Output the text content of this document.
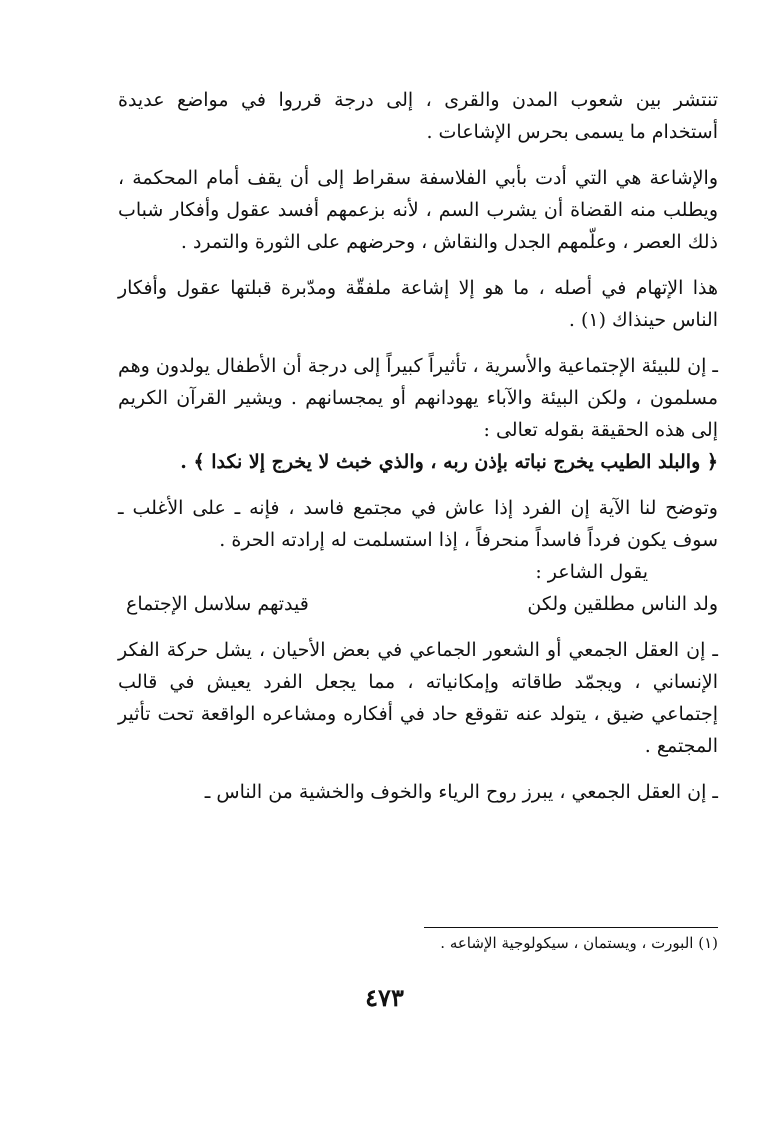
تنتشر بين شعوب المدن والقرى ، إلى درجة قرروا في مواضع عديدة أستخدام ما يسمى بحرس الإشاعات .

والإشاعة هي التي أدت بأبي الفلاسفة سقراط إلى أن يقف أمام المحكمة ، ويطلب منه القضاة أن يشرب السم ، لأنه بزعمهم أفسد عقول وأفكار شباب ذلك العصر ، وعلّمهم الجدل والنقاش ، وحرضهم على الثورة والتمرد .

هذا الإتهام في أصله ، ما هو إلا إشاعة ملفقّة ومدّبرة قبلتها عقول وأفكار الناس حينذاك (١) .

ـ إن للبيئة الإجتماعية والأسرية ، تأثيراً كبيراً إلى درجة أن الأطفال يولدون وهم مسلمون ، ولكن البيئة والآباء يهودانهم أو يمجسانهم . ويشير القرآن الكريم إلى هذه الحقيقة بقوله تعالى :

﴿ والبلد الطيب يخرج نباته بإذن ربه ، والذي خبث لا يخرج إلا نكدا ﴾ .

وتوضح لنا الآية إن الفرد إذا عاش في مجتمع فاسد ، فإنه ـ على الأغلب ـ سوف يكون فرداً فاسداً منحرفاً ، إذا استسلمت له إرادته الحرة .

يقول الشاعر :

ولد الناس مطلقين ولكن
قيدتهم سلاسل الإجتماع

ـ إن العقل الجمعي أو الشعور الجماعي في بعض الأحيان ، يشل حركة الفكر الإنساني ، ويجمّد طاقاته وإمكانياته ، مما يجعل الفرد يعيش في قالب إجتماعي ضيق ، يتولد عنه تقوقع حاد في أفكاره ومشاعره الواقعة تحت تأثير المجتمع .

ـ إن العقل الجمعي ، يبرز روح الرياء والخوف والخشية من الناس ـ

(١) البورت ، ويستمان ، سيكولوجية الإشاعه .
٤٧٣
